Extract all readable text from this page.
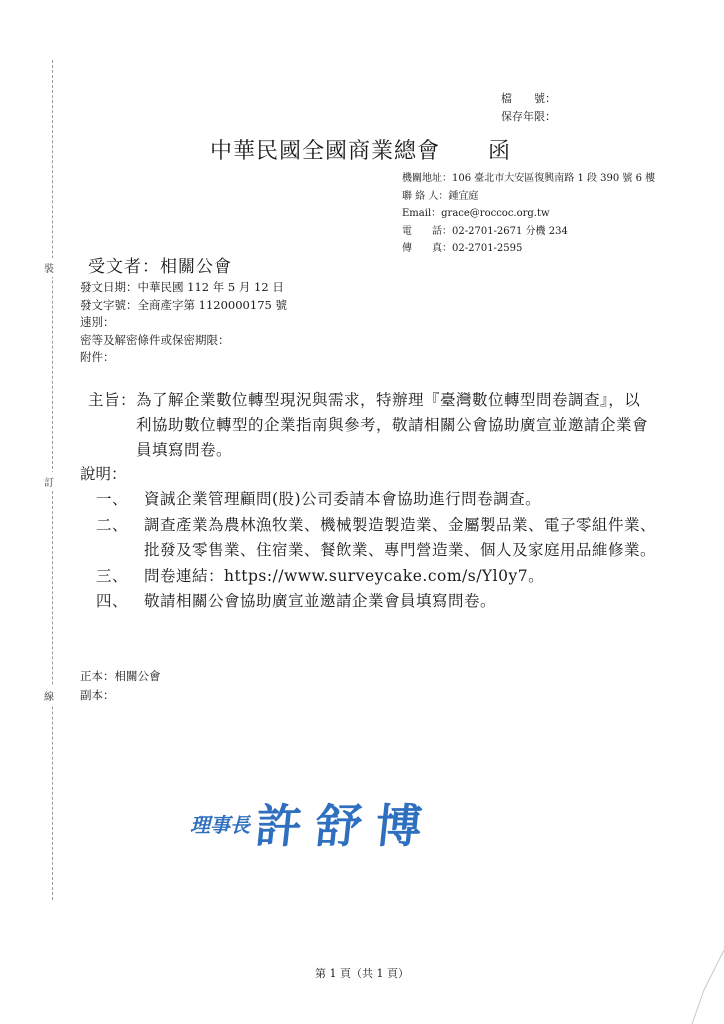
裝
訂
線
檔　　號：
保存年限：
中華民國全國商業總會 函
機關地址：106 臺北市大安區復興南路 1 段 390 號 6 樓
聯 絡 人：鍾宜庭
Email：grace@roccoc.org.tw
電　　話：02-2701-2671 分機 234
傳　　真：02-2701-2595
受文者：相關公會
發文日期：中華民國 112 年 5 月 12 日
發文字號：全商產字第 1120000175 號
速別：
密等及解密條件或保密期限：
附件：
主旨： 為了解企業數位轉型現況與需求，特辦理『臺灣數位轉型問卷調查』，以利協助數位轉型的企業指南與參考，敬請相關公會協助廣宣並邀請企業會員填寫問卷。
說明：
一、	資誠企業管理顧問(股)公司委請本會協助進行問卷調查。
二、	調查產業為農林漁牧業、機械製造製造業、金屬製品業、電子零組件業、批發及零售業、住宿業、餐飲業、專門營造業、個人及家庭用品維修業。
三、	問卷連結：https://www.surveycake.com/s/Yl0y7。
四、	敬請相關公會協助廣宣並邀請企業會員填寫問卷。
正本：相關公會
副本：
理事長 許舒博
第 1 頁（共 1 頁）
